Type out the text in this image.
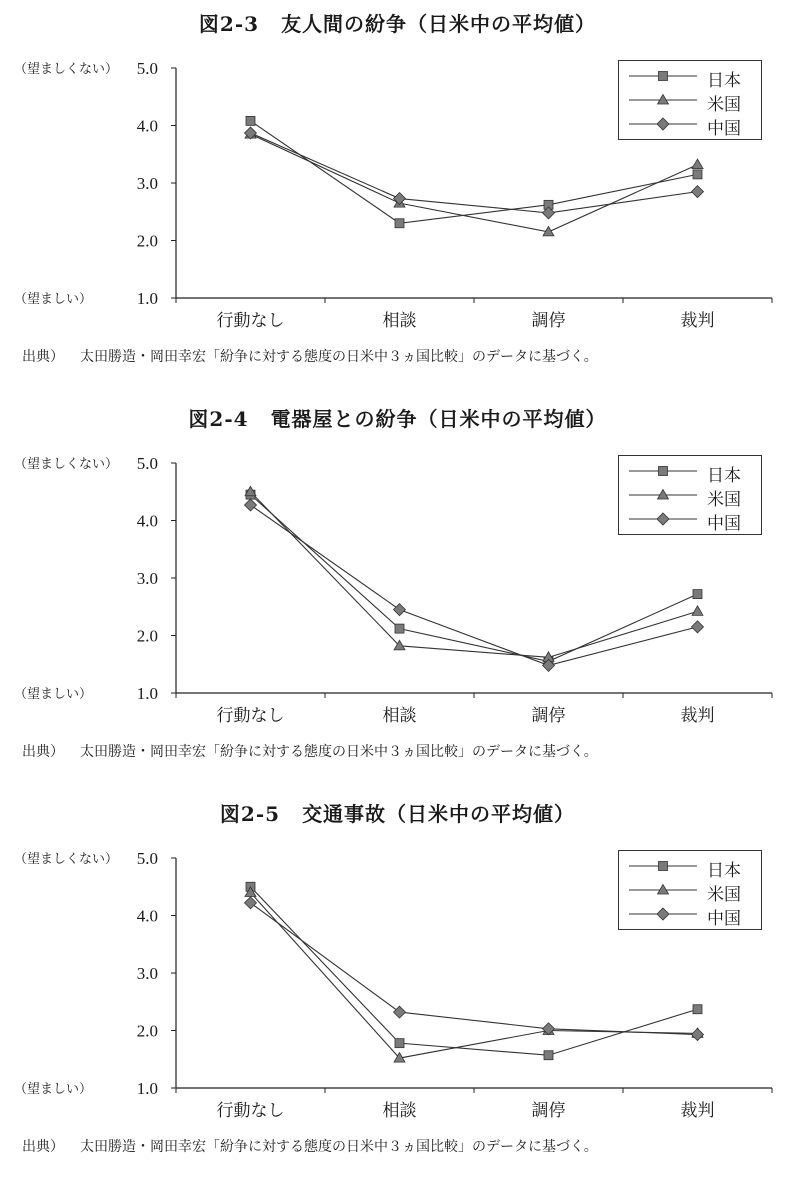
図2-3 友人間の紛争（日米中の平均値）
5.0
4.0
3.0
2.0
1.0
（望ましくない）
（望ましい）
行動なし	相談	調停	裁判
日本
米国
中国
出典） 太田勝造・岡田幸宏「紛争に対する態度の日米中３ヵ国比較」のデータに基づく。
図2-4 電器屋との紛争（日米中の平均値）
5.0
4.0
3.0
2.0
1.0
（望ましくない）
（望ましい）
行動なし	相談	調停	裁判
日本
米国
中国
出典） 太田勝造・岡田幸宏「紛争に対する態度の日米中３ヵ国比較」のデータに基づく。
図2-5 交通事故（日米中の平均値）
5.0
4.0
3.0
2.0
1.0
（望ましくない）
（望ましい）
行動なし	相談	調停	裁判
日本
米国
中国
出典） 太田勝造・岡田幸宏「紛争に対する態度の日米中３ヵ国比較」のデータに基づく。
